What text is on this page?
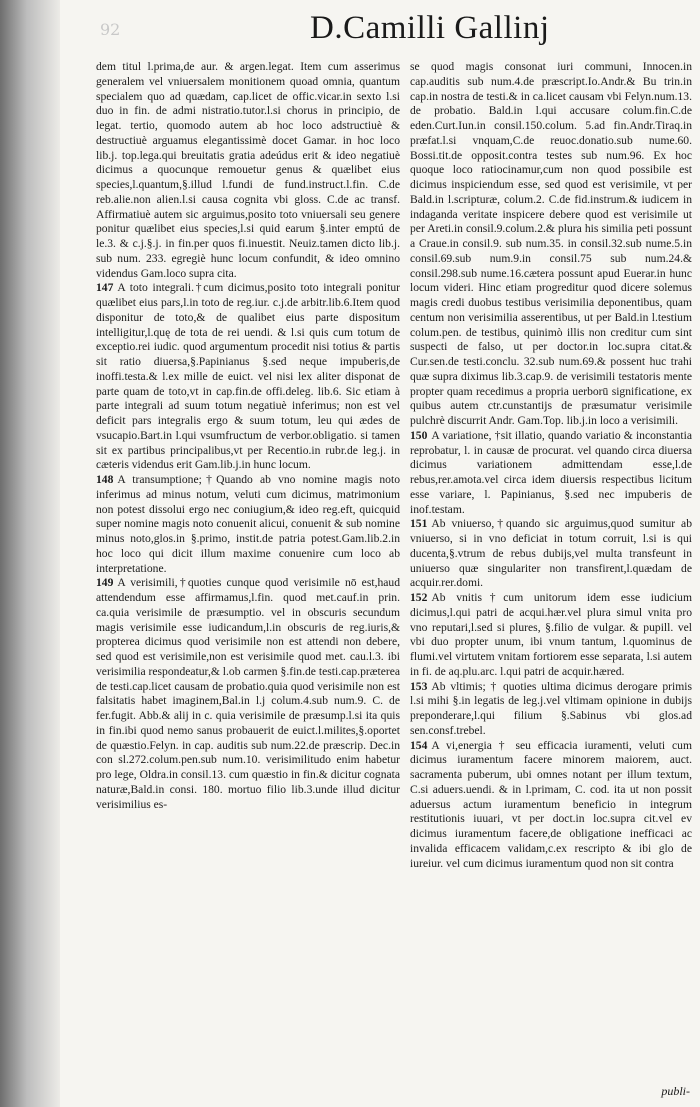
92	D.Camilli Gallinj

dem titul l.prima,de aur. & argen.legat. Item cum asserimus generalem vel vniuersalem monitionem quoad omnia, quantum specialem quo ad quædam, cap.licet de offic.vicar.in sexto l.si duo in fin. de admi nistratio.tutor.l.si chorus in principio, de legat. tertio, quomodo autem ab hoc loco adstructiuè & destructiuè arguamus elegantissimè docet Gamar. in hoc loco lib.j. top.lega.qui breuitatis gratia adeúdus erit & ideo negatiuè dicimus a quocunque remouetur genus & quælibet eius species,l.quantum,§.illud l.fundi de fund.instruct.l.fin. C.de reb.alie.non alien.l.si causa cognita vbi gloss. C.de ac transf. Affirmatiuè autem sic arguimus,posito toto vniuersali seu genere ponitur quælibet eius species,l.si quid earum §.inter emptú de le.3. & c.j.§.j. in fin.per quos fi.inuestit. Neuiz.tamen dicto lib.j. sub num. 233. egregiè hunc locum confundit, & ideo omnino videndus Gam.loco supra cita.

147 A toto integrali.†cum dicimus,posito toto integrali ponitur quælibet eius pars,l.in toto de reg.iur. c.j.de arbitr.lib.6.Item quod disponitur de toto,& de qualibet eius parte dispositum intelligitur,l.quę de tota de rei uendi. & l.si quis cum totum de exceptio.rei iudic. quod argumentum procedit nisi totius & partis sit ratio diuersa,§.Papinianus §.sed neque impuberis,de inoffi.testa.& l.ex mille de euict. vel nisi lex aliter disponat de parte quam de toto,vt in cap.fin.de offi.deleg. lib.6. Sic etiam à parte integrali ad suum totum negatiuè inferimus; non est vel deficit pars integralis ergo & suum totum, leu qui ædes de vsucapio.Bart.in l.qui vsumfructum de verbor.obligatio. si tamen sit ex partibus principalibus,vt per Recentio.in rubr.de leg.j. in cæteris videndus erit Gam.lib.j.in hunc locum.

148 A transumptione;†Quando ab vno nomine magis noto inferimus ad minus notum, veluti cum dicimus, matrimonium non potest dissolui ergo nec coniugium,& ideo reg.eft, quicquid super nomine magis noto conuenit alicui, conuenit & sub nomine minus noto,glos.in §.primo, instit.de patria potest.Gam.lib.2.in hoc loco qui dicit illum maxime conuenire cum loco ab interpretatione.

149 A verisimili,†quoties cunque quod verisimile nō est,haud attendendum esse affirmamus,l.fin. quod met.cauf.in prin. ca.quia verisimile de præsumptio. vel in obscuris secundum magis verisimile esse iudicandum,l.in obscuris de reg.iuris,& propterea dicimus quod verisimile non est attendi non debere, sed quod est verisimile,non est verisimile quod met. cau.l.3. ibi verisimilia respondeatur,& l.ob carmen §.fin.de testi.cap.præterea de testi.cap.licet causam de probatio.quia quod verisimile non est falsitatis habet imaginem,Bal.in l.j colum.4.sub num.9. C. de fer.fugit. Abb.& alij in c. quia verisimile de præsump.l.si ita quis in fin.ibi quod nemo sanus probauerit de euict.l.milites,§.oportet de quæstio.Felyn. in cap. auditis sub num.22.de præscrip. Dec.in con sl.272.colum.pen.sub num.10. verisimilitudo enim habetur pro lege, Oldra.in consil.13. cum quæstio in fin.& dicitur cognata naturæ,Bald.in consi. 180. mortuo filio lib.3.unde illud dicitur verisimilius es-

se quod magis consonat iuri communi, Innocen.in cap.auditis sub num.4.de præscript.Io.Andr.& Bu trin.in cap.in nostra de testi.& in ca.licet causam vbi Felyn.num.13. de probatio. Bald.in l.qui accusare colum.fin.C.de eden.Curt.Iun.in consil.150.colum. 5.ad fin.Andr.Tiraq.in præfat.l.si vnquam,C.de reuoc.donatio.sub nume.60. Bossi.tit.de opposit.contra testes sub num.96. Ex hoc quoque loco ratiocinamur,cum non quod possibile est dicimus inspiciendum esse, sed quod est verisimile, vt per Bald.in l.scripturæ, colum.2. C.de fid.instrum.& iudicem in indaganda veritate inspicere debere quod est verisimile ut per Areti.in consil.9.colum.2.& plura his similia peti possunt a Craue.in consil.9. sub num.35. in consil.32.sub nume.5.in consil.69.sub num.9.in consil.75 sub num.24.& consil.298.sub nume.16.cætera possunt apud Euerar.in hunc locum videri. Hinc etiam progreditur quod dicere solemus magis credi duobus testibus verisimilia deponentibus, quam centum non verisimilia asserentibus, ut per Bald.in l.testium colum.pen. de testibus, quinimò illis non creditur cum sint suspecti de falso, ut per doctor.in loc.supra citat.& Cur.sen.de testi.conclu. 32.sub num.69.& possent huc trahi quæ supra diximus lib.3.cap.9. de verisimili testatoris mente propter quam recedimus a propria uerborū significatione, ex quibus autem ctr.cunstantijs de præsumatur verisimile pulchrè discurrit Andr. Gam.Top. lib.j.in loco a verisimili.

150 A variatione, †sit illatio, quando variatio & inconstantia reprobatur, l. in causæ de procurat. vel quando circa diuersa dicimus variationem admittendam esse,l.de rebus,rer.amota.vel circa idem diuersis respectibus licitum esse variare, l. Papinianus, §.sed nec impuberis de inof.testam.

151 Ab vniuerso,†quando sic arguimus,quod sumitur ab vniuerso, si in vno deficiat in totum corruit, l.si is qui ducenta,§.vtrum de rebus dubijs,vel multa transfeunt in uniuerso quæ singulariter non transfirent,l.quædam de acquir.rer.domi.

152 Ab vnitis†cum unitorum idem esse iudicium dicimus,l.qui patri de acqui.hær.vel plura simul vnita pro vno reputari,l.sed si plures, §.filio de vulgar. & pupill. vel vbi duo propter unum, ibi vnum tantum, l.quominus de flumi.vel virtutem vnitam fortiorem esse separata, l.si autem in fi. de aq.plu.arc. l.qui patri de acquir.hæred.

153 Ab vltimis; † quoties ultima dicimus derogare primis l.si mihi §.in legatis de leg.j.vel vltimam opinione in dubijs preponderare,l.qui filium §.Sabinus vbi glos.ad sen.consf.trebel.

154 A vi,energia † seu efficacia iuramenti, veluti cum dicimus iuramentum facere minorem maiorem, auct. sacramenta puberum, ubi omnes notant per illum textum, C.si aduers.uendi. & in l.primam, C. cod. ita ut non possit aduersus actum iuramentum beneficio in integrum restitutionis iuuari, vt per doct.in loc.supra cit.vel ev dicimus iuramentum facere,de obligatione inefficaci ac invalida efficacem validam,c.ex rescripto & ibi glo de iureiur. vel cum dicimus iuramentum quod non sit contra

publi-
